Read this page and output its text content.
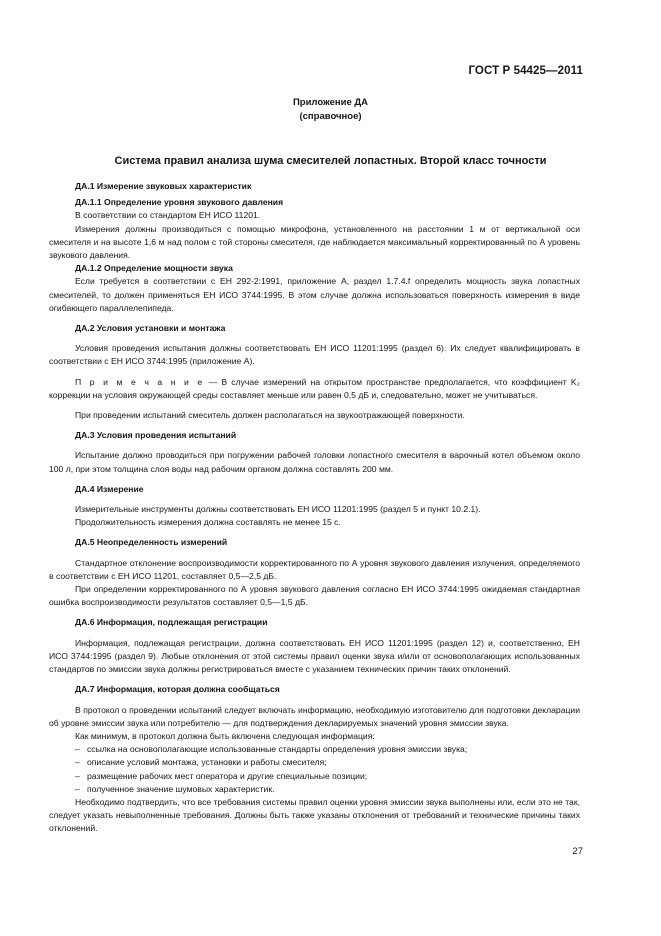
ГОСТ Р 54425—2011
Приложение ДА
(справочное)
Система правил анализа шума смесителей лопастных. Второй класс точности

ДА.1 Измерение звуковых характеристик

ДА.1.1 Определение уровня звукового давления

В соответствии со стандартом ЕН ИСО 11201.

Измерения должны производиться с помощью микрофона, установленного на расстоянии 1 м от вертикальной оси смесителя и на высоте 1,6 м над полом с той стороны смесителя, где наблюдается максимальный корректированный по А уровень звукового давления.

ДА.1.2 Определение мощности звука

Если требуется в соответствии с ЕН 292-2:1991, приложение А, раздел 1.7.4.f определить мощность звука лопастных смесителей, то должен применяться ЕН ИСО 3744:1995. В этом случае должна использоваться поверхность измерения в виде огибающего параллелепипеда.

ДА.2 Условия установки и монтажа

Условия проведения испытания должны соответствовать ЕН ИСО 11201:1995 (раздел 6). Их следует квалифицировать в соответствии с ЕН ИСО 3744:1995 (приложение А).

П р и м е ч а н и е — В случае измерений на открытом пространстве предполагается, что коэффициент K₂ коррекции на условия окружающей среды составляет меньше или равен 0,5 дБ и, следовательно, может не учитываться.

При проведении испытаний смеситель должен располагаться на звукоотражающей поверхности.

ДА.3 Условия проведения испытаний

Испытание должно проводиться при погружении рабочей головки лопастного смесителя в варочный котел объемом около 100 л, при этом толщина слоя воды над рабочим органом должна составлять 200 мм.

ДА.4 Измерение

Измерительные инструменты должны соответствовать ЕН ИСО 11201:1995 (раздел 5 и пункт 10.2.1).

Продолжительность измерения должна составлять не менее 15 с.

ДА.5 Неопределенность измерений

Стандартное отклонение воспроизводимости корректированного по А уровня звукового давления излучения, определяемого в соответствии с ЕН ИСО 11201, составляет 0,5—2,5 дБ.

При определении корректированного по А уровня звукового давления согласно ЕН ИСО 3744:1995 ожидаемая стандартная ошибка воспроизводимости результатов составляет 0,5—1,5 дБ.

ДА.6 Информация, подлежащая регистрации

Информация, подлежащая регистрации, должна соответствовать ЕН ИСО 11201:1995 (раздел 12) и, соответственно, ЕН ИСО 3744:1995 (раздел 9). Любые отклонения от этой системы правил оценки звука и/или от основополагающих использованных стандартов по эмиссии звука должны регистрироваться вместе с указанием технических причин таких отклонений.

ДА.7 Информация, которая должна сообщаться

В протокол о проведении испытаний следует включать информацию, необходимую изготовителю для подготовки декларации об уровне эмиссии звука или потребителю — для подтверждения декларируемых значений уровня эмиссии звука.

Как минимум, в протокол должна быть включена следующая информация:

– ссылка на основополагающие использованные стандарты определения уровня эмиссии звука;

– описание условий монтажа, установки и работы смесителя;

– размещение рабочих мест оператора и другие специальные позиции;

– полученное значение шумовых характеристик.

Необходимо подтвердить, что все требования системы правил оценки уровня эмиссии звука выполнены или, если это не так, следует указать невыполненные требования. Должны быть также указаны отклонения от требований и технические причины таких отклонений.

27
